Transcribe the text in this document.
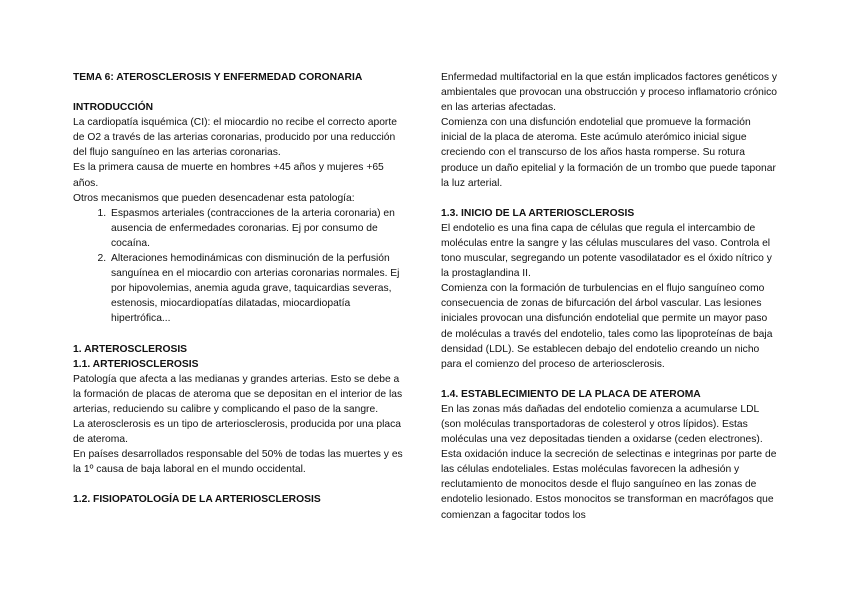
TEMA 6: ATEROSCLEROSIS Y ENFERMEDAD CORONARIA

INTRODUCCIÓN

La cardiopatía isquémica (CI): el miocardio no recibe el correcto aporte de O2 a través de las arterias coronarias, producido por una reducción del flujo sanguíneo en las arterias coronarias.

Es la primera causa de muerte en hombres +45 años y mujeres +65 años.

Otros mecanismos que pueden desencadenar esta patología:

1. Espasmos arteriales (contracciones de la arteria coronaria) en ausencia de enfermedades coronarias. Ej por consumo de cocaína.
2. Alteraciones hemodinámicas con disminución de la perfusión sanguínea en el miocardio con arterias coronarias normales. Ej por hipovolemias, anemia aguda grave, taquicardias severas, estenosis, miocardiopatías dilatadas, miocardiopatía hipertrófica...

1. ARTEROSCLEROSIS

1.1. ARTERIOSCLEROSIS

Patología que afecta a las medianas y grandes arterias. Esto se debe a la formación de placas de ateroma que se depositan en el interior de las arterias, reduciendo su calibre y complicando el paso de la sangre.

La aterosclerosis es un tipo de arteriosclerosis, producida por una placa de ateroma.

En países desarrollados responsable del 50% de todas las muertes y es la 1º causa de baja laboral en el mundo occidental.

1.2. FISIOPATOLOGÍA DE LA ARTERIOSCLEROSIS

Enfermedad multifactorial en la que están implicados factores genéticos y ambientales que provocan una obstrucción y proceso inflamatorio crónico en las arterias afectadas.

Comienza con una disfunción endotelial que promueve la formación inicial de la placa de ateroma. Este acúmulo aterómico inicial sigue creciendo con el transcurso de los años hasta romperse. Su rotura produce un daño epitelial y la formación de un trombo que puede taponar la luz arterial.

1.3. INICIO DE LA ARTERIOSCLEROSIS

El endotelio es una fina capa de células que regula el intercambio de moléculas entre la sangre y las células musculares del vaso. Controla el tono muscular, segregando un potente vasodilatador es el óxido nítrico y la prostaglandina II.

Comienza con la formación de turbulencias en el flujo sanguíneo como consecuencia de zonas de bifurcación del árbol vascular. Las lesiones iniciales provocan una disfunción endotelial que permite un mayor paso de moléculas a través del endotelio, tales como las lipoproteínas de baja densidad (LDL). Se establecen debajo del endotelio creando un nicho para el comienzo del proceso de arteriosclerosis.

1.4. ESTABLECIMIENTO DE LA PLACA DE ATEROMA

En las zonas más dañadas del endotelio comienza a acumularse LDL (son moléculas transportadoras de colesterol y otros lípidos). Estas moléculas una vez depositadas tienden a oxidarse (ceden electrones). Esta oxidación induce la secreción de selectinas e integrinas por parte de las células endoteliales. Estas moléculas favorecen la adhesión y reclutamiento de monocitos desde el flujo sanguíneo en las zonas de endotelio lesionado. Estos monocitos se transforman en macrófagos que comienzan a fagocitar todos los
